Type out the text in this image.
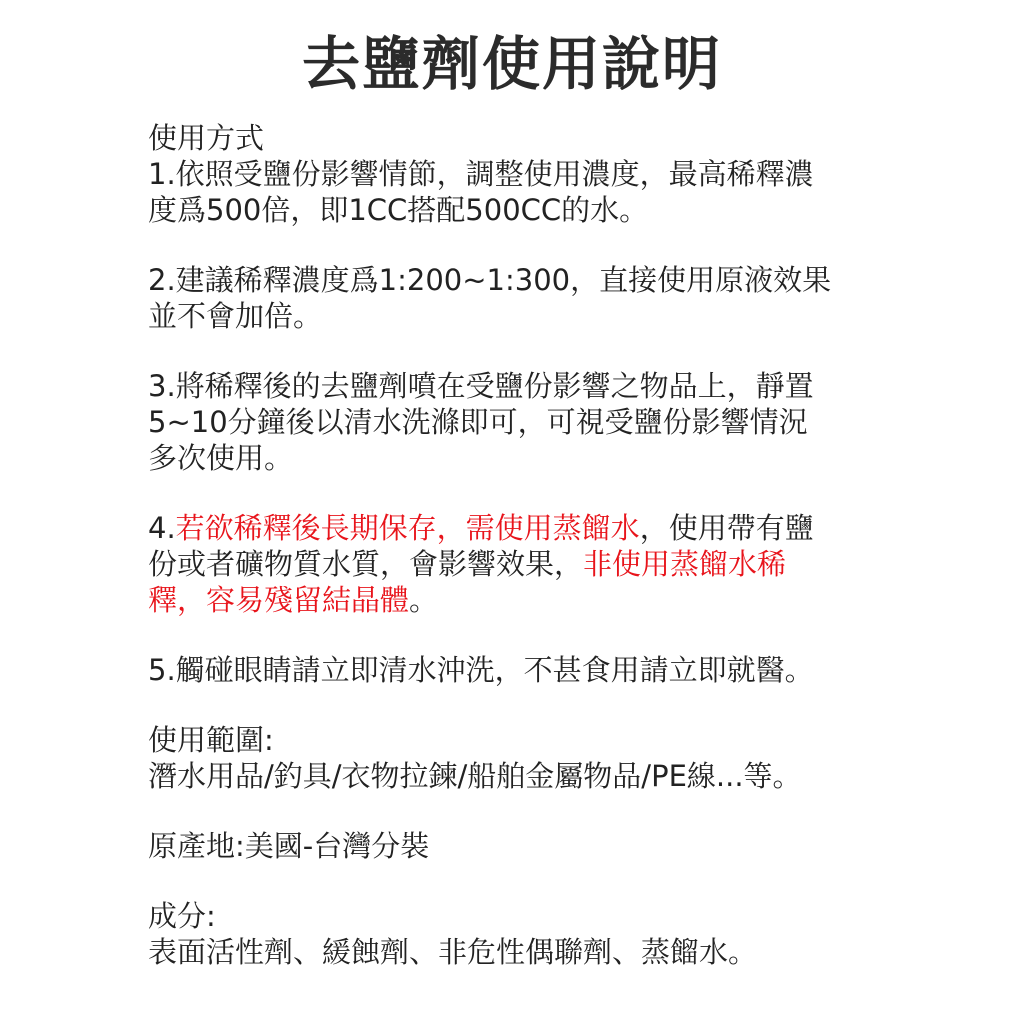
去鹽劑使用說明
使用方式
1.依照受鹽份影響情節，調整使用濃度，最高稀釋濃
度爲500倍，即1CC搭配500CC的水。
2.建議稀釋濃度爲1:200~1:300，直接使用原液效果
並不會加倍。
3.將稀釋後的去鹽劑噴在受鹽份影響之物品上，靜置
5~10分鐘後以清水洗滌即可，可視受鹽份影響情況
多次使用。
4.若欲稀釋後長期保存，需使用蒸餾水，使用帶有鹽
份或者礦物質水質，會影響效果，非使用蒸餾水稀
釋，容易殘留結晶體。
5.觸碰眼睛請立即清水沖洗，不甚食用請立即就醫。
使用範圍:
潛水用品/釣具/衣物拉鍊/船舶金屬物品/PE線...等。
原產地:美國-台灣分裝
成分:
表面活性劑、緩蝕劑、非危性偶聯劑、蒸餾水。
